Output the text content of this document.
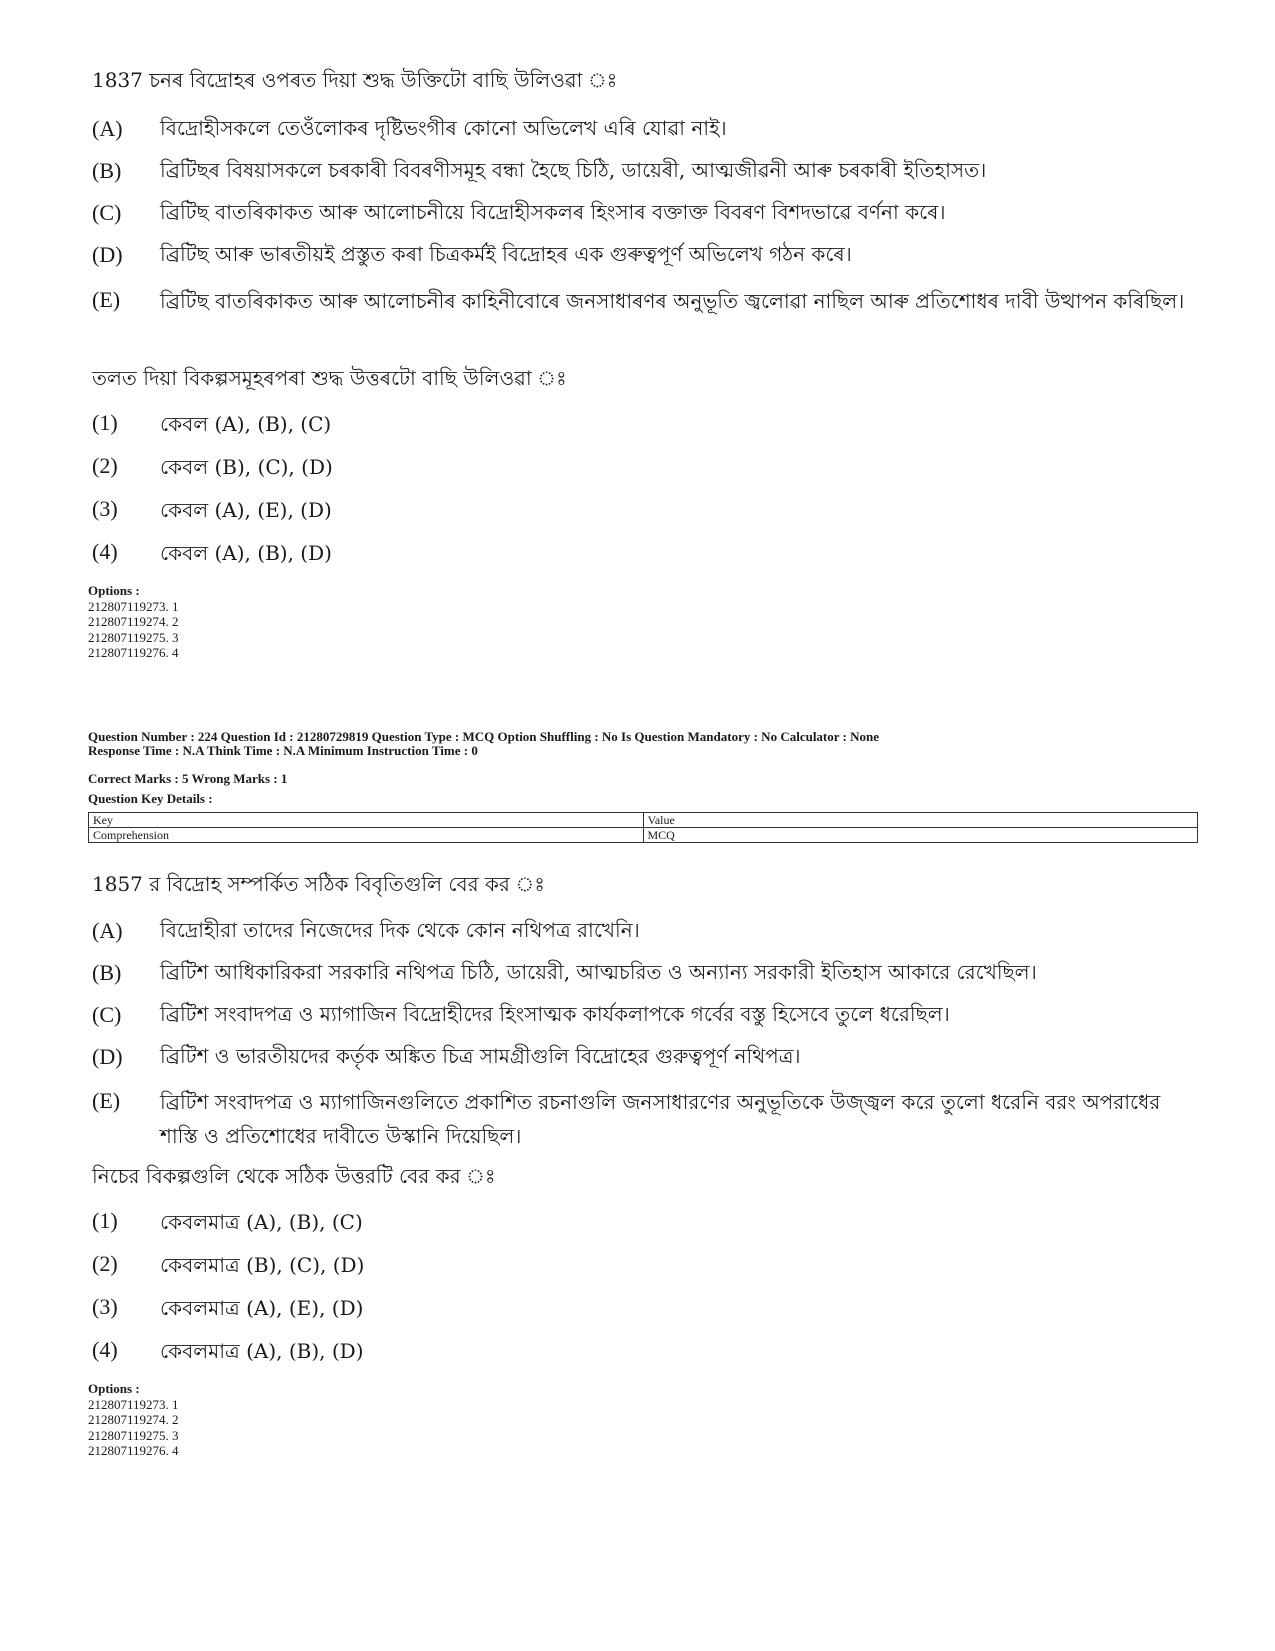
1837 চনৰ বিদ্ৰোহৰ ওপৰত দিয়া শুদ্ধ উক্তিটো বাছি উলিওৱা ঃ
(A) বিদ্ৰোহীসকলে তেওঁলোকৰ দৃষ্টিভংগীৰ কোনো অভিলেখ এৰি যোৱা নাই।
(B) ব্ৰিটিছৰ বিষয়াসকলে চৰকাৰী বিবৰণীসমূহ বন্ধা হৈছে চিঠি, ডায়েৰী, আত্মজীৱনী আৰু চৰকাৰী ইতিহাসত।
(C) ব্ৰিটিছ বাতৰিকাকত আৰু আলোচনীয়ে বিদ্ৰোহীসকলৰ হিংসাৰ বক্তাক্ত বিবৰণ বিশদভাৱে বৰ্ণনা কৰে।
(D) ব্ৰিটিছ আৰু ভাৰতীয়ই প্ৰস্তুত কৰা চিত্ৰকৰ্মই বিদ্ৰোহৰ এক গুৰুত্বপূৰ্ণ অভিলেখ গঠন কৰে।
(E) ব্ৰিটিছ বাতৰিকাকত আৰু আলোচনীৰ কাহিনীবোৰে জনসাধাৰণৰ অনুভূতি জ্বলোৱা নাছিল আৰু প্ৰতিশোধৰ দাবী উত্থাপন কৰিছিল।
তলত দিয়া বিকল্পসমূহৰপৰা শুদ্ধ উত্তৰটো বাছি উলিওৱা ঃ
(1) কেবল (A), (B), (C)
(2) কেবল (B), (C), (D)
(3) কেবল (A), (E), (D)
(4) কেবল (A), (B), (D)
Options :
212807119273. 1
212807119274. 2
212807119275. 3
212807119276. 4
Question Number : 224 Question Id : 21280729819 Question Type : MCQ Option Shuffling : No Is Question Mandatory : No Calculator : None
Response Time : N.A Think Time : N.A Minimum Instruction Time : 0
Correct Marks : 5 Wrong Marks : 1
Question Key Details :
Key	Value
Comprehension	MCQ
1857 র বিদ্রোহ সম্পর্কিত সঠিক বিবৃতিগুলি বের কর ঃ
(A) বিদ্রোহীরা তাদের নিজেদের দিক থেকে কোন নথিপত্র রাখেনি।
(B) ব্রিটিশ আধিকারিকরা সরকারি নথিপত্র চিঠি, ডায়েরী, আত্মচরিত ও অন্যান্য সরকারী ইতিহাস আকারে রেখেছিল।
(C) ব্রিটিশ সংবাদপত্র ও ম্যাগাজিন বিদ্রোহীদের হিংসাত্মক কার্যকলাপকে গর্বের বস্তু হিসেবে তুলে ধরেছিল।
(D) ব্রিটিশ ও ভারতীয়দের কর্তৃক অঙ্কিত চিত্র সামগ্রীগুলি বিদ্রোহের গুরুত্বপূর্ণ নথিপত্র।
(E) ব্রিটিশ সংবাদপত্র ও ম্যাগাজিনগুলিতে প্রকাশিত রচনাগুলি জনসাধারণের অনুভূতিকে উজ্জ্বল করে তুলো ধরেনি বরং অপরাধের শাস্তি ও প্রতিশোধের দাবীতে উস্কানি দিয়েছিল।
নিচের বিকল্পগুলি থেকে সঠিক উত্তরটি বের কর ঃ
(1) কেবলমাত্র (A), (B), (C)
(2) কেবলমাত্র (B), (C), (D)
(3) কেবলমাত্র (A), (E), (D)
(4) কেবলমাত্র (A), (B), (D)
Options :
212807119273. 1
212807119274. 2
212807119275. 3
212807119276. 4
